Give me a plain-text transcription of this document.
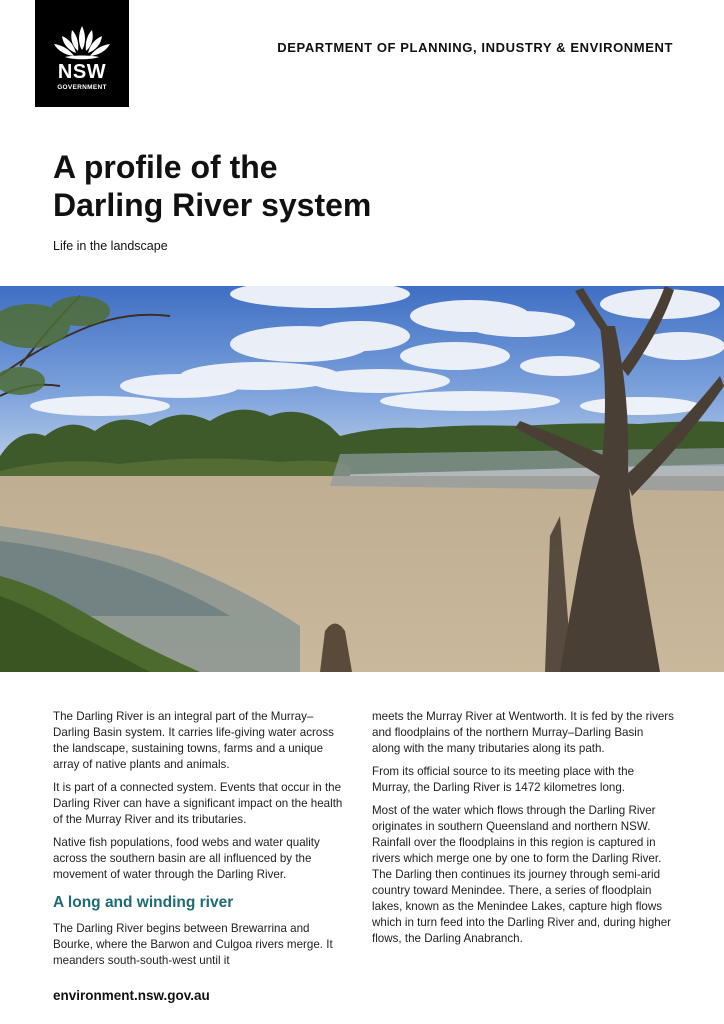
NSW
GOVERNMENT
DEPARTMENT OF PLANNING, INDUSTRY & ENVIRONMENT
A profile of the
Darling River system
Life in the landscape

The Darling River is an integral part of the Murray–Darling Basin system. It carries life-giving water across the landscape, sustaining towns, farms and a unique array of native plants and animals.

It is part of a connected system. Events that occur in the Darling River can have a significant impact on the health of the Murray River and its tributaries.

Native fish populations, food webs and water quality across the southern basin are all influenced by the movement of water through the Darling River.

A long and winding river

The Darling River begins between Brewarrina and Bourke, where the Barwon and Culgoa rivers merge. It meanders south-south-west until it

meets the Murray River at Wentworth. It is fed by the rivers and floodplains of the northern Murray–Darling Basin along with the many tributaries along its path.

From its official source to its meeting place with the Murray, the Darling River is 1472 kilometres long.

Most of the water which flows through the Darling River originates in southern Queensland and northern NSW. Rainfall over the floodplains in this region is captured in rivers which merge one by one to form the Darling River. The Darling then continues its journey through semi-arid country toward Menindee. There, a series of floodplain lakes, known as the Menindee Lakes, capture high flows which in turn feed into the Darling River and, during higher flows, the Darling Anabranch.

environment.nsw.gov.au
